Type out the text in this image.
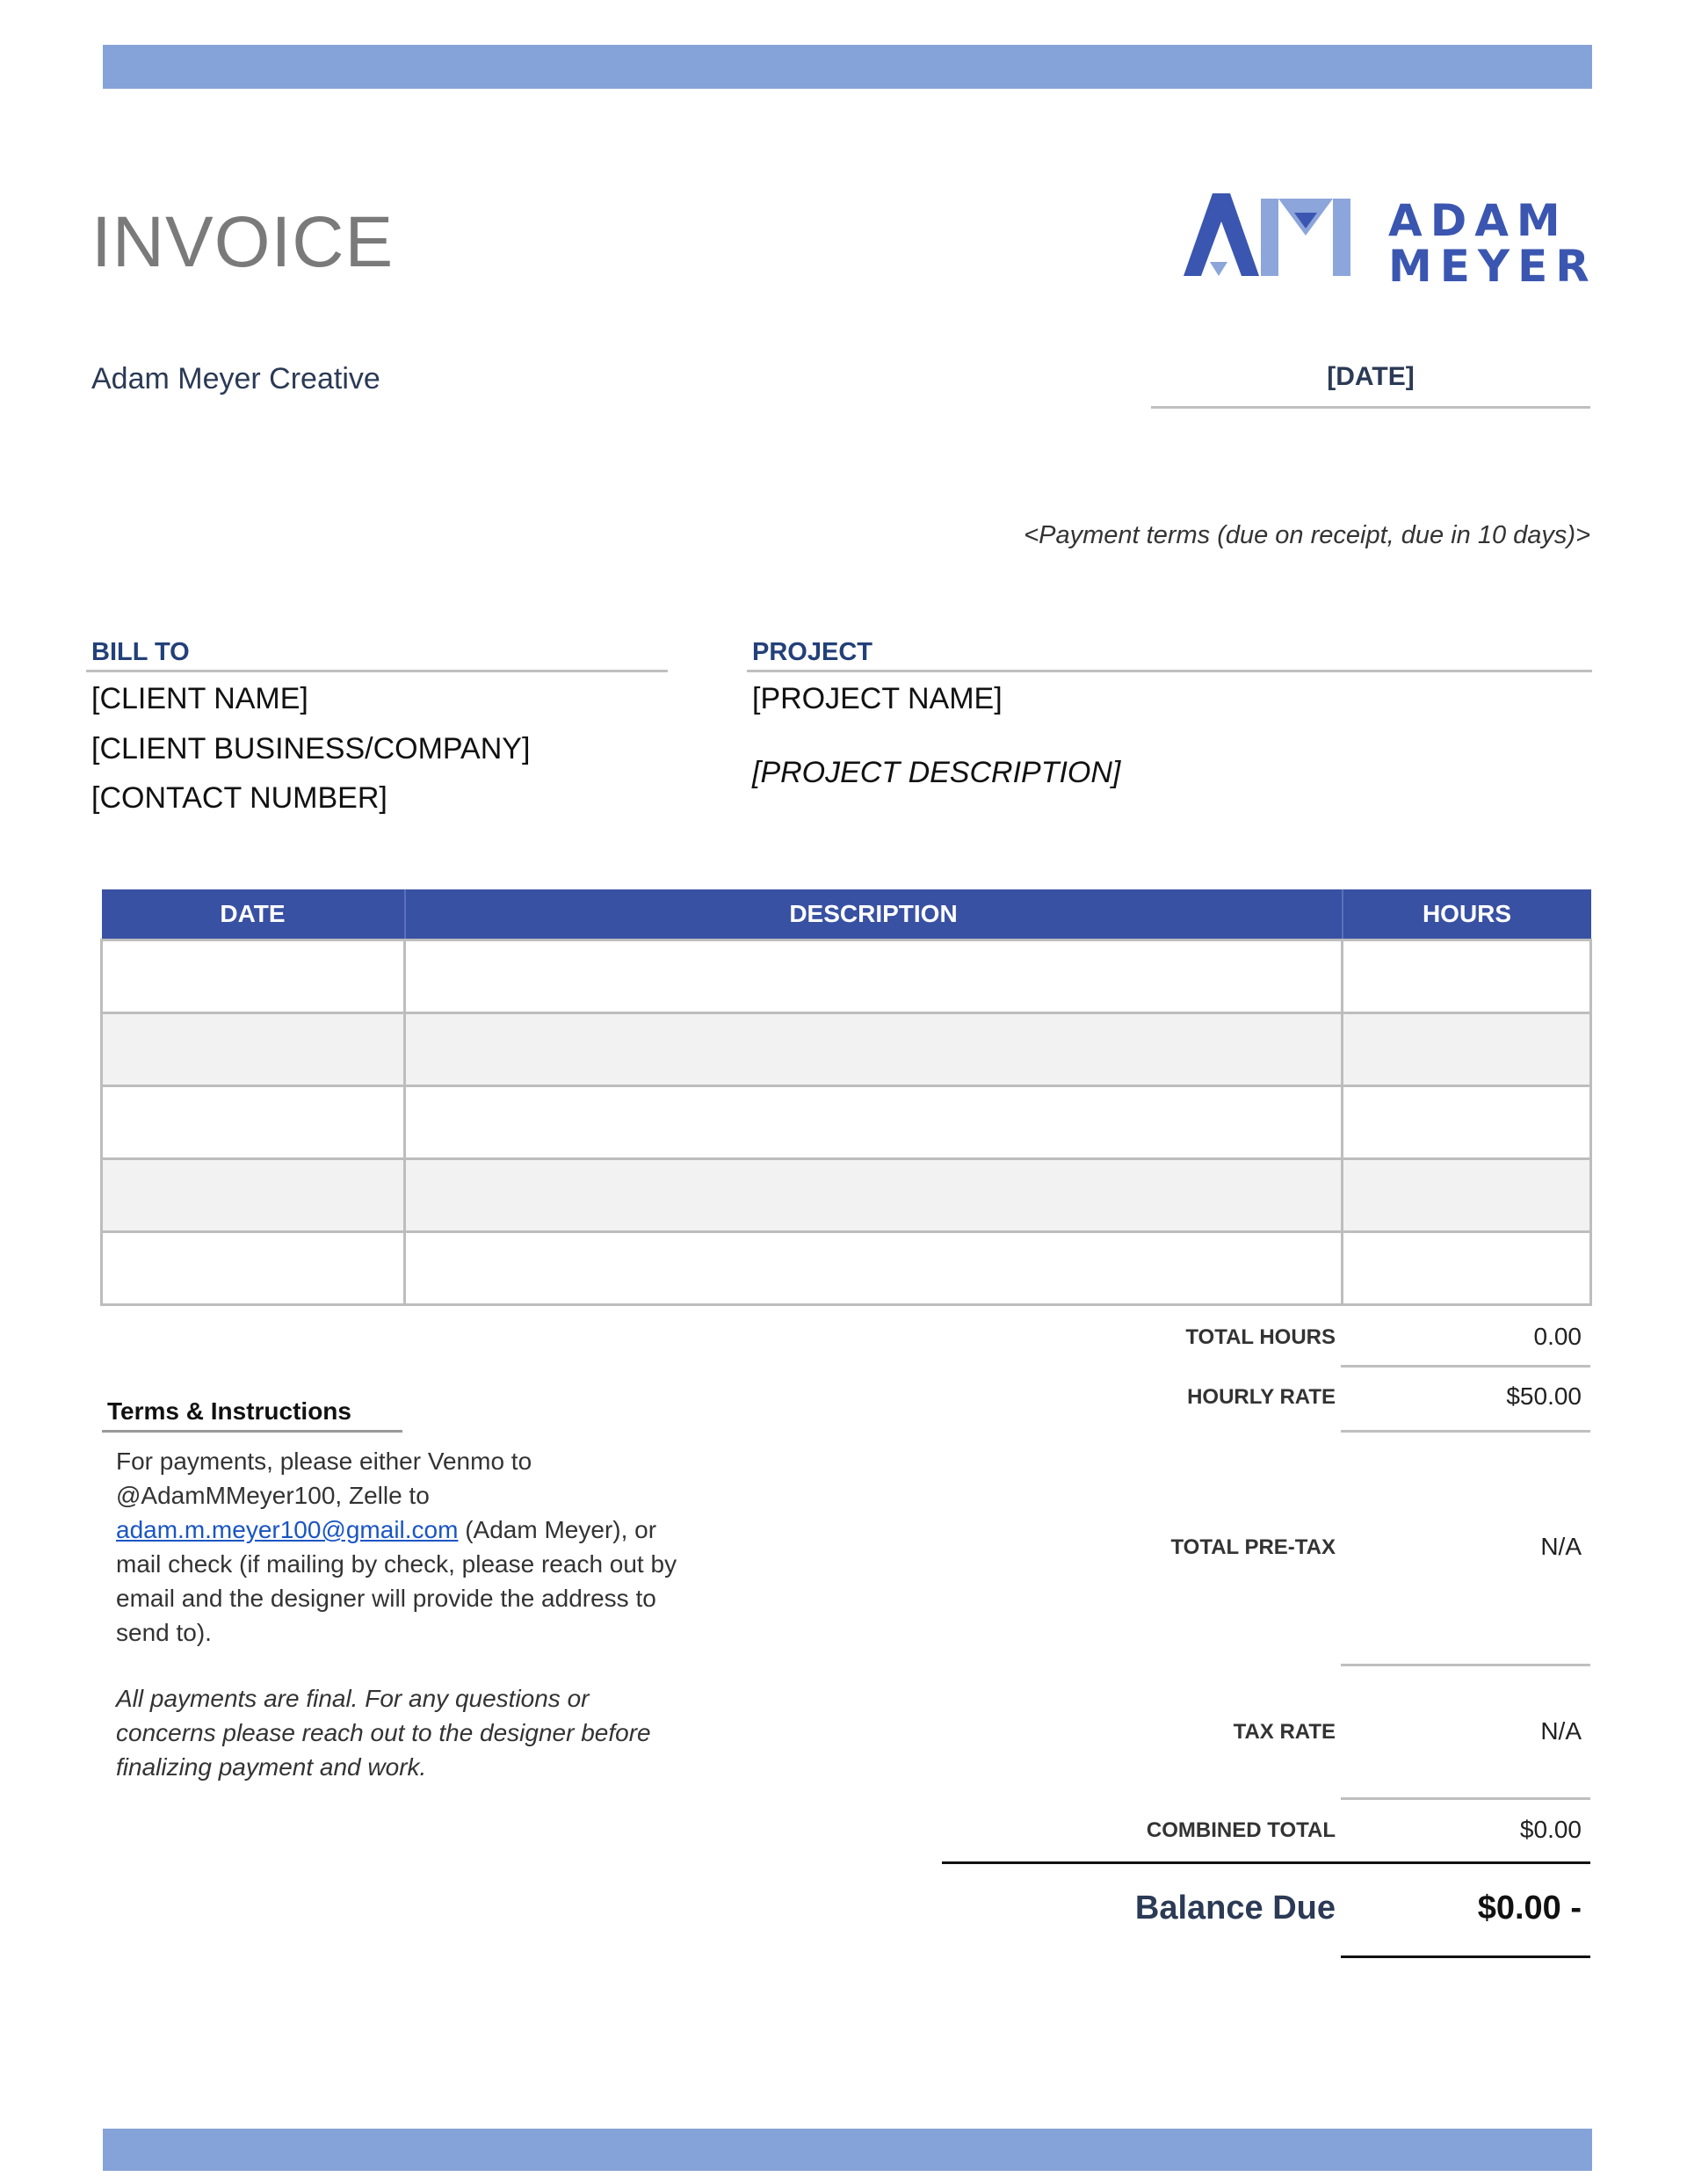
INVOICE	ADAM
MEYER
Adam Meyer Creative	[DATE]
<Payment terms (due on receipt, due in 10 days)>
BILL TO
[CLIENT NAME]
[CLIENT BUSINESS/COMPANY]
[CONTACT NUMBER]
PROJECT
[PROJECT NAME]
[PROJECT DESCRIPTION]
DATE	DESCRIPTION	HOURS

TOTAL HOURS	0.00
HOURLY RATE	$50.00
TOTAL PRE-TAX	N/A
TAX RATE	N/A
COMBINED TOTAL	$0.00
Balance Due	$0.00 -
Terms & Instructions
For payments, please either Venmo to @AdamMMeyer100, Zelle to adam.m.meyer100@gmail.com (Adam Meyer), or mail check (if mailing by check, please reach out by email and the designer will provide the address to send to).
All payments are final. For any questions or concerns please reach out to the designer before finalizing payment and work.
